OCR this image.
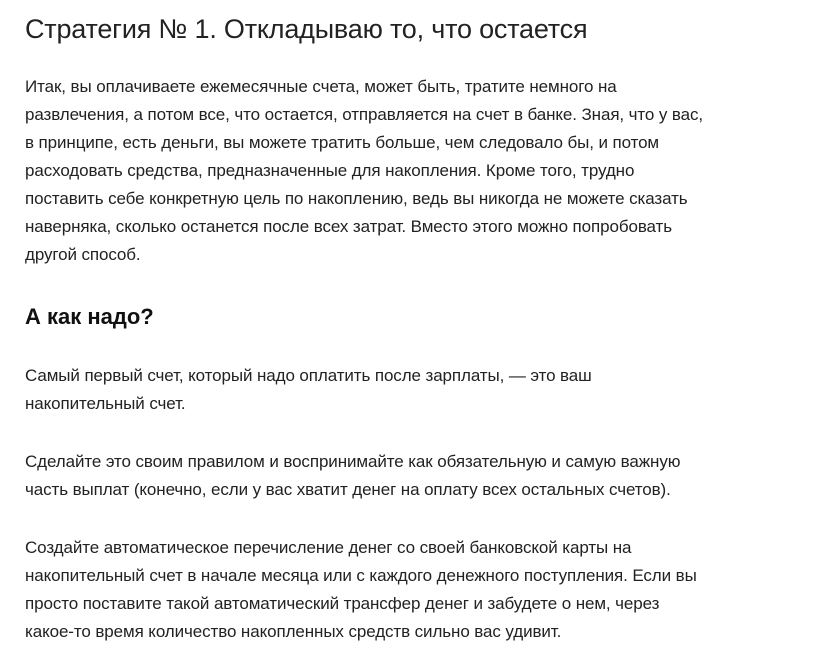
Стратегия № 1. Откладываю то, что остается

Итак, вы оплачиваете ежемесячные счета, может быть, тратите немного на
развлечения, а потом все, что остается, отправляется на счет в банке. Зная, что у вас,
в принципе, есть деньги, вы можете тратить больше, чем следовало бы, и потом
расходовать средства, предназначенные для накопления. Кроме того, трудно
поставить себе конкретную цель по накоплению, ведь вы никогда не можете сказать
наверняка, сколько останется после всех затрат. Вместо этого можно попробовать
другой способ.

А как надо?

Самый первый счет, который надо оплатить после зарплаты, — это ваш
накопительный счет.

Сделайте это своим правилом и воспринимайте как обязательную и самую важную
часть выплат (конечно, если у вас хватит денег на оплату всех остальных счетов).

Создайте автоматическое перечисление денег со своей банковской карты на
накопительный счет в начале месяца или с каждого денежного поступления. Если вы
просто поставите такой автоматический трансфер денег и забудете о нем, через
какое-то время количество накопленных средств сильно вас удивит.
